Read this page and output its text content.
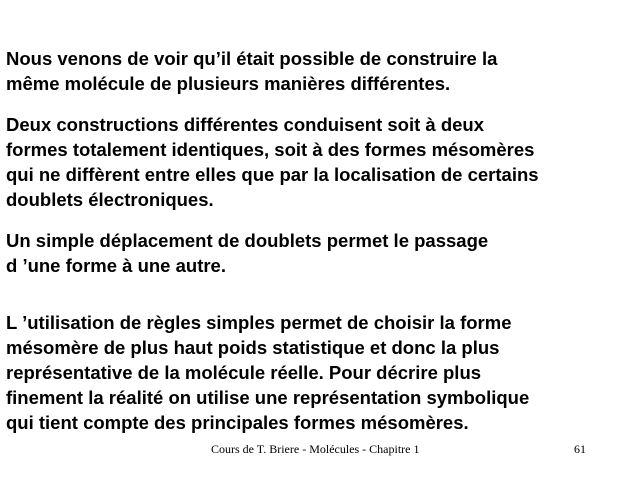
Nous venons de voir qu’il était possible de construire la
même molécule de plusieurs manières différentes.

Deux constructions différentes conduisent soit à deux
formes totalement identiques, soit à des formes mésomères
qui ne diffèrent entre elles que par la localisation de certains
doublets électroniques.

Un simple déplacement de doublets permet le passage
d ’une forme à une autre.

L ’utilisation de règles simples permet de choisir la forme
mésomère de plus haut poids statistique et donc la plus
représentative de la molécule réelle. Pour décrire plus
finement la réalité on utilise une représentation symbolique
qui tient compte des principales formes mésomères.

Cours de T. Briere - Molécules - Chapitre 1	61
